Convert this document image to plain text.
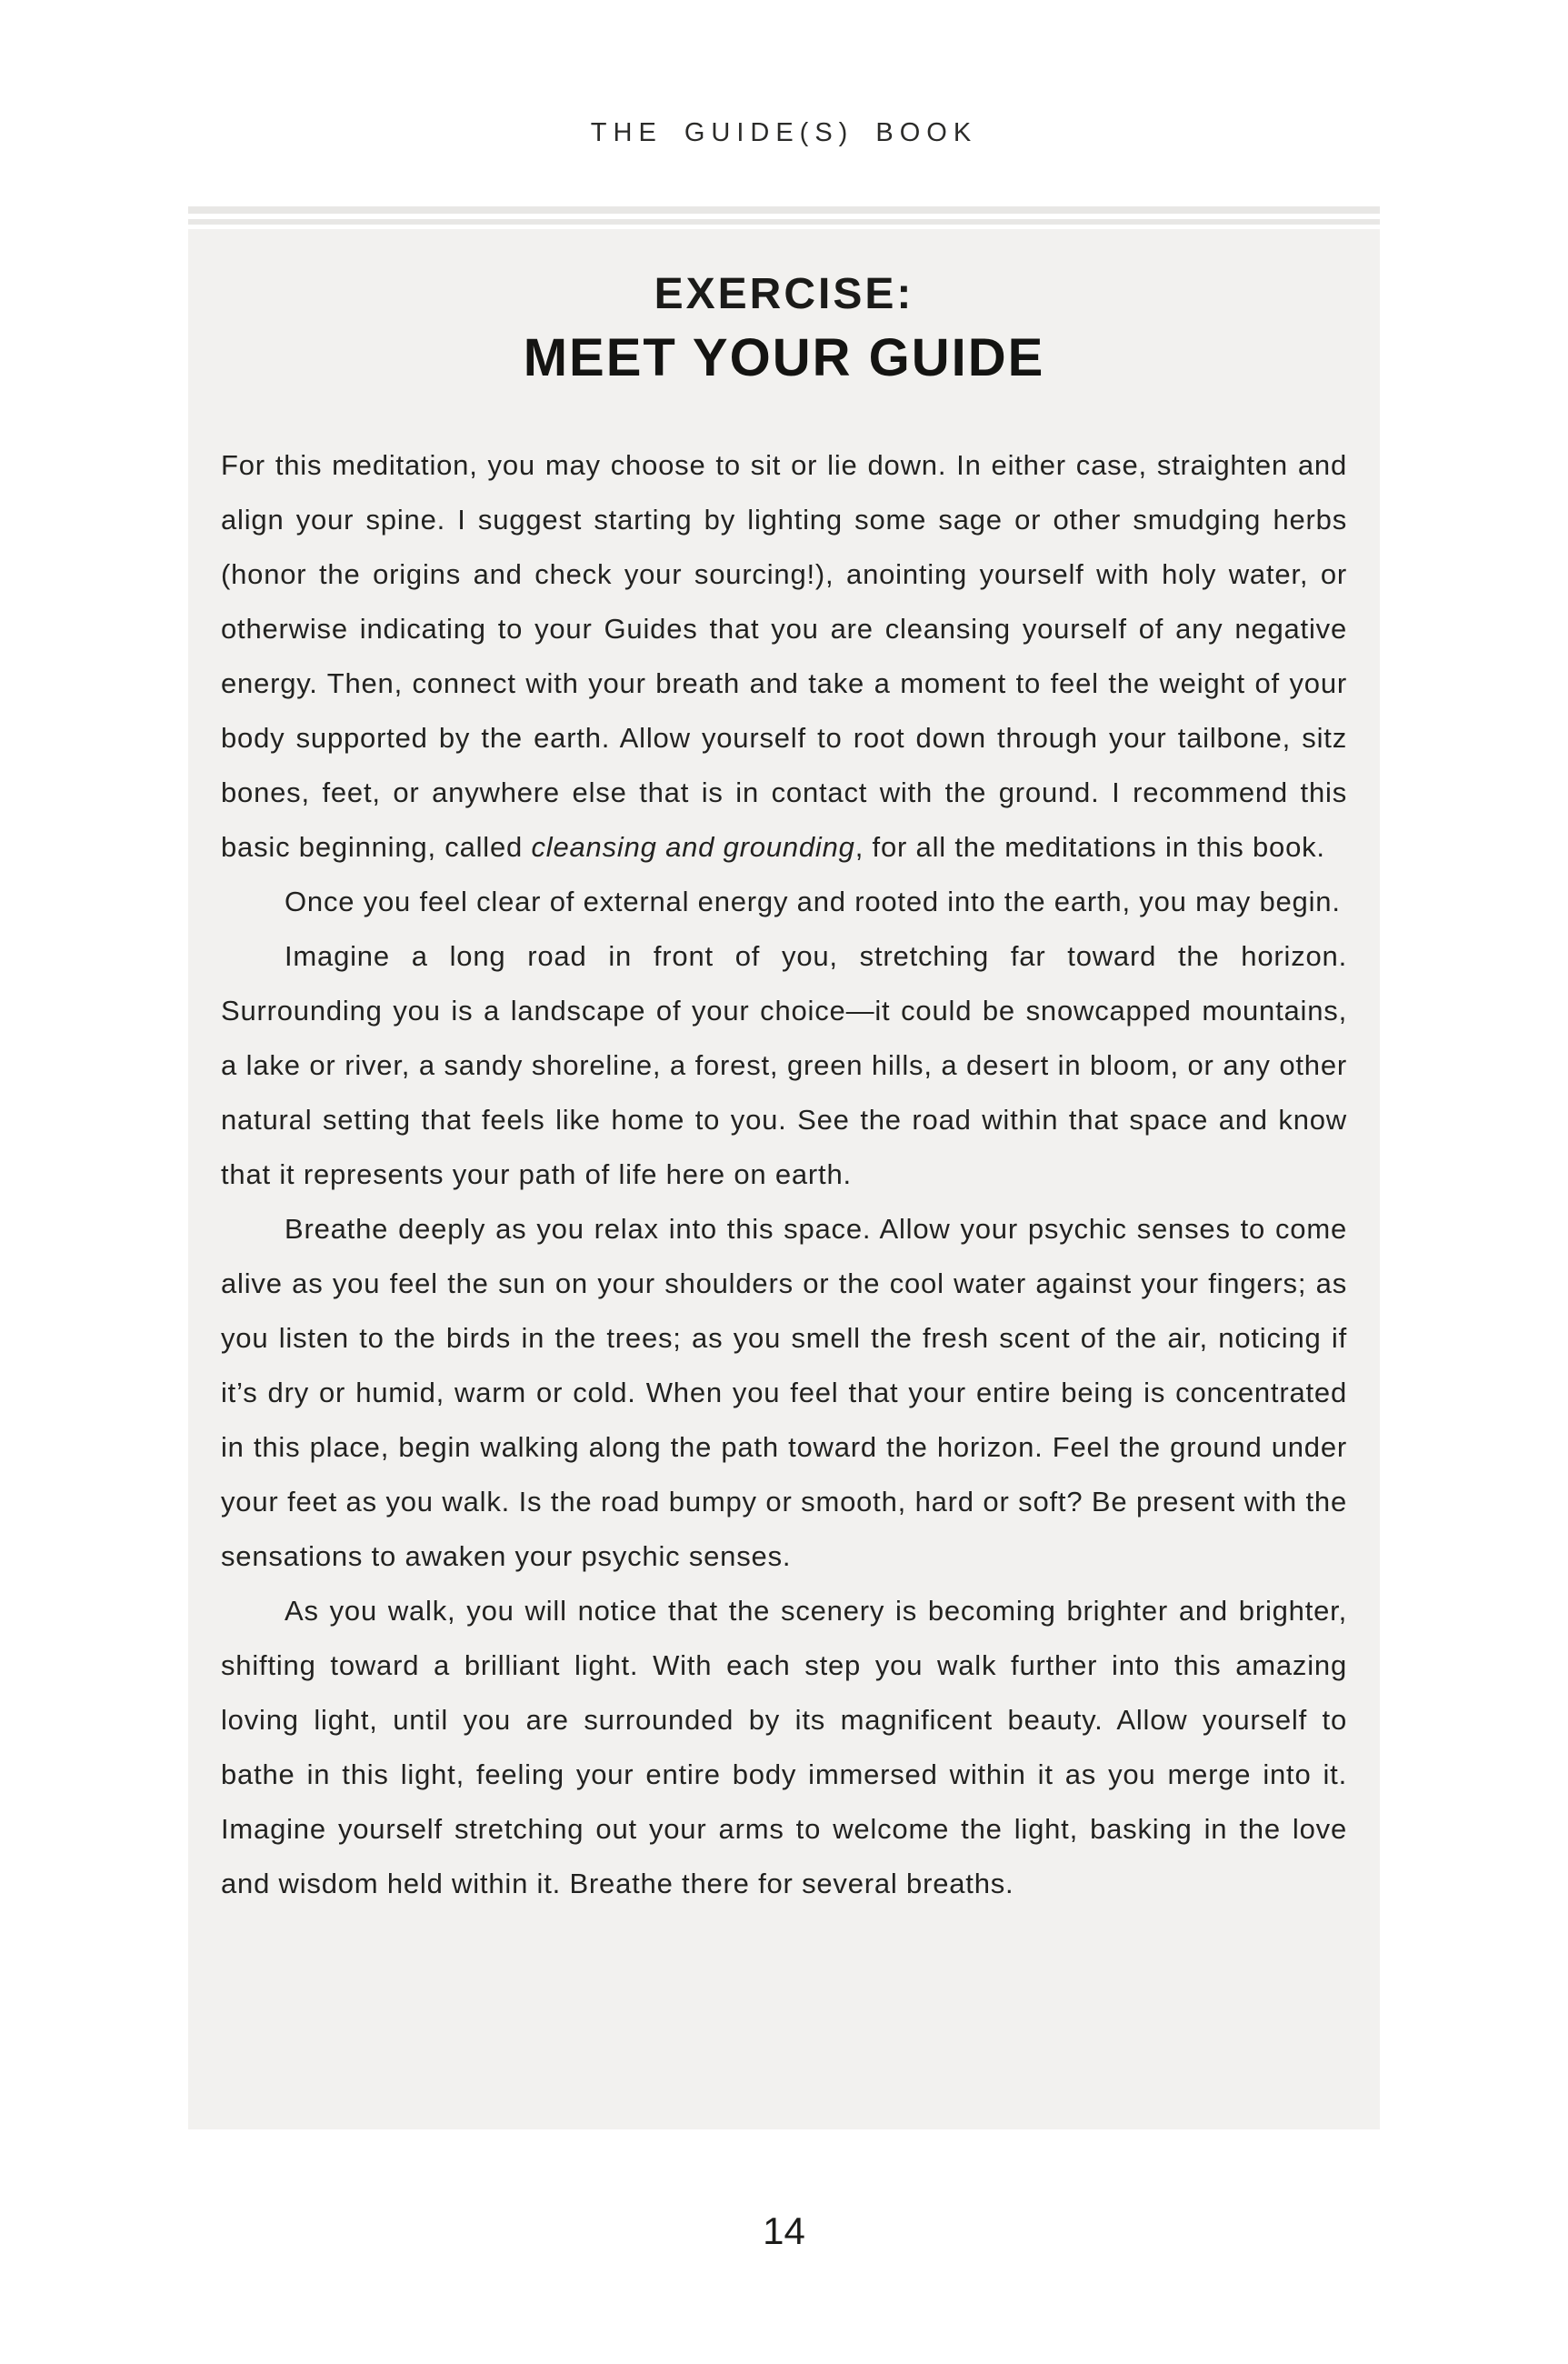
THE GUIDE(S) BOOK
EXERCISE:
MEET YOUR GUIDE

For this meditation, you may choose to sit or lie down. In either case, straighten and align your spine. I suggest starting by lighting some sage or other smudging herbs (honor the origins and check your sourcing!), anointing yourself with holy water, or otherwise indicating to your Guides that you are cleansing yourself of any negative energy. Then, connect with your breath and take a moment to feel the weight of your body supported by the earth. Allow yourself to root down through your tailbone, sitz bones, feet, or anywhere else that is in contact with the ground. I recommend this basic beginning, called cleansing and grounding, for all the meditations in this book.

Once you feel clear of external energy and rooted into the earth, you may begin.

Imagine a long road in front of you, stretching far toward the horizon. Surrounding you is a landscape of your choice—it could be snowcapped mountains, a lake or river, a sandy shoreline, a forest, green hills, a desert in bloom, or any other natural setting that feels like home to you. See the road within that space and know that it represents your path of life here on earth.

Breathe deeply as you relax into this space. Allow your psychic senses to come alive as you feel the sun on your shoulders or the cool water against your fingers; as you listen to the birds in the trees; as you smell the fresh scent of the air, noticing if it’s dry or humid, warm or cold. When you feel that your entire being is concentrated in this place, begin walking along the path toward the horizon. Feel the ground under your feet as you walk. Is the road bumpy or smooth, hard or soft? Be present with the sensations to awaken your psychic senses.

As you walk, you will notice that the scenery is becoming brighter and brighter, shifting toward a brilliant light. With each step you walk further into this amazing loving light, until you are surrounded by its magnificent beauty. Allow yourself to bathe in this light, feeling your entire body immersed within it as you merge into it. Imagine yourself stretching out your arms to welcome the light, basking in the love and wisdom held within it. Breathe there for several breaths.

14
